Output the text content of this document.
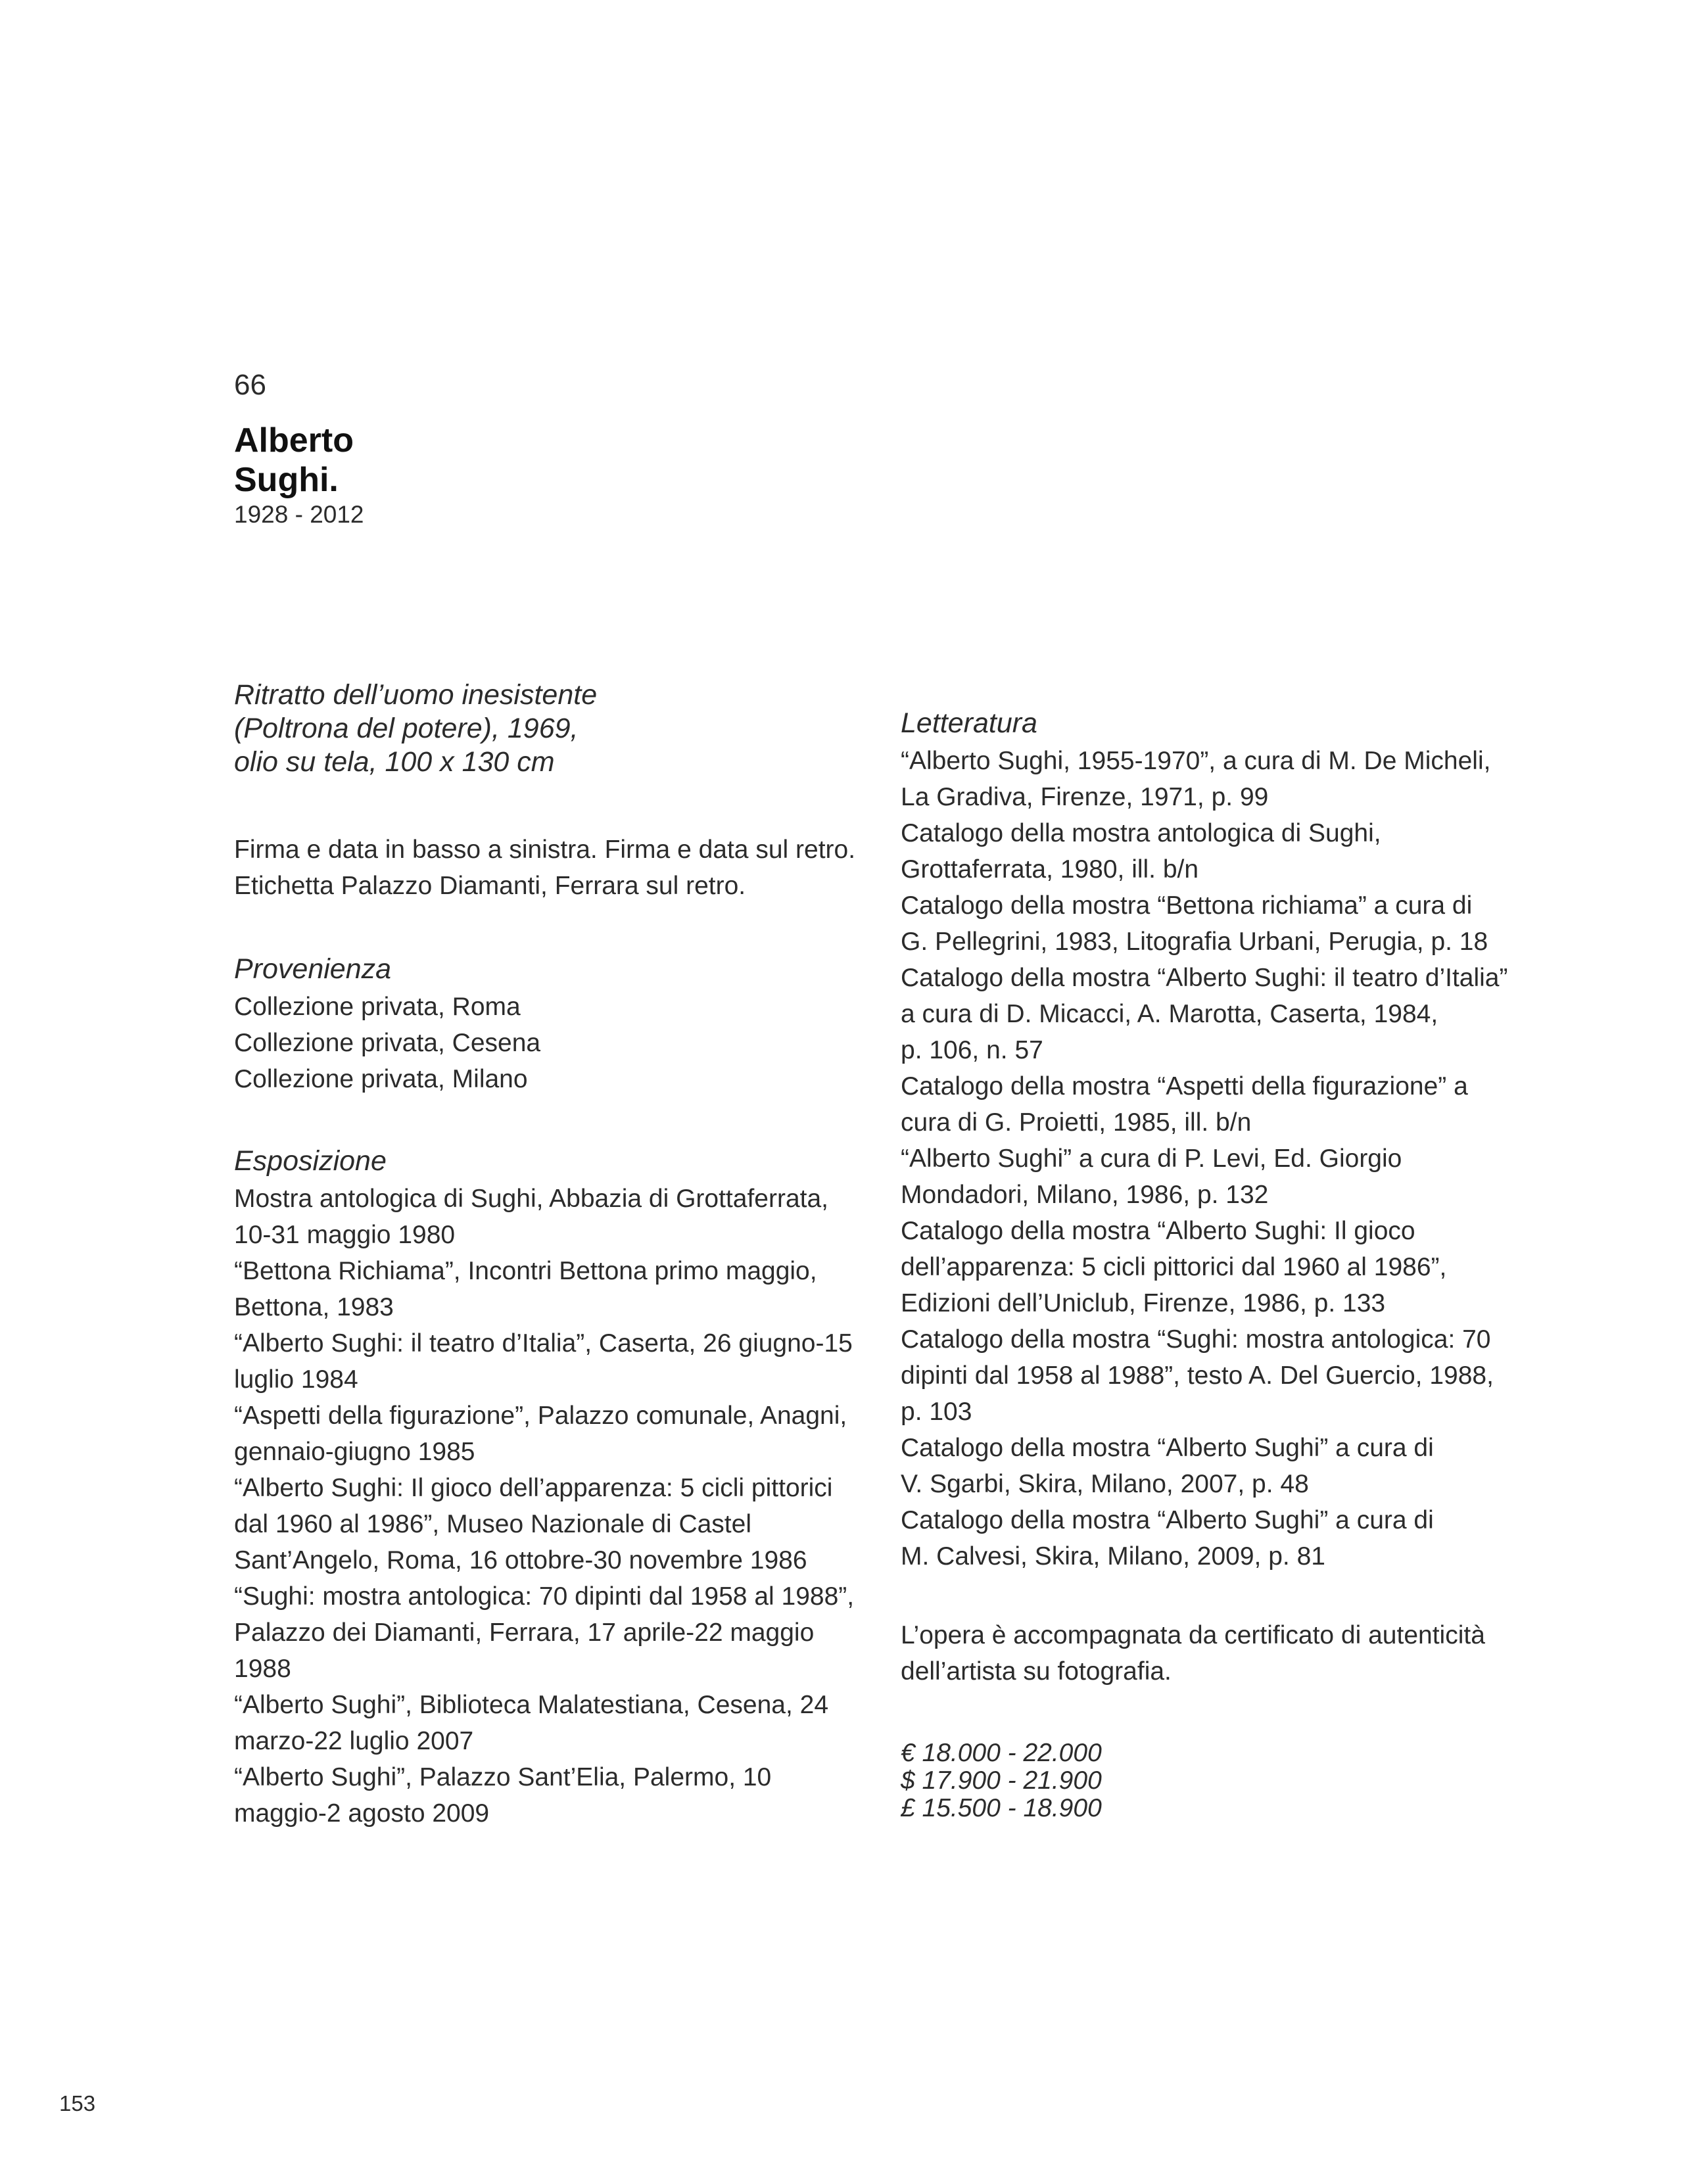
66

Alberto
Sughi.

1928 - 2012

Ritratto dell’uomo inesistente
(Poltrona del potere), 1969,
olio su tela, 100 x 130 cm
Firma e data in basso a sinistra. Firma e data sul retro.
Etichetta Palazzo Diamanti, Ferrara sul retro.
Provenienza
Collezione privata, Roma
Collezione privata, Cesena
Collezione privata, Milano
Esposizione
Mostra antologica di Sughi, Abbazia di Grottaferrata,
10-31 maggio 1980
“Bettona Richiama”, Incontri Bettona primo maggio,
Bettona, 1983
“Alberto Sughi: il teatro d’Italia”, Caserta, 26 giugno-15
luglio 1984
“Aspetti della figurazione”, Palazzo comunale, Anagni,
gennaio-giugno 1985
“Alberto Sughi: Il gioco dell’apparenza: 5 cicli pittorici
dal 1960 al 1986”, Museo Nazionale di Castel
Sant’Angelo, Roma, 16 ottobre-30 novembre 1986
“Sughi: mostra antologica: 70 dipinti dal 1958 al 1988”,
Palazzo dei Diamanti, Ferrara, 17 aprile-22 maggio
1988
“Alberto Sughi”, Biblioteca Malatestiana, Cesena, 24
marzo-22 luglio 2007
“Alberto Sughi”, Palazzo Sant’Elia, Palermo, 10
maggio-2 agosto 2009
Letteratura
“Alberto Sughi, 1955-1970”, a cura di M. De Micheli,
La Gradiva, Firenze, 1971, p. 99
Catalogo della mostra antologica di Sughi,
Grottaferrata, 1980, ill. b/n
Catalogo della mostra “Bettona richiama” a cura di
G. Pellegrini, 1983, Litografia Urbani, Perugia, p. 18
Catalogo della mostra “Alberto Sughi: il teatro d’Italia”
a cura di D. Micacci, A. Marotta, Caserta, 1984,
p. 106, n. 57
Catalogo della mostra “Aspetti della figurazione” a
cura di G. Proietti, 1985, ill. b/n
“Alberto Sughi” a cura di P. Levi, Ed. Giorgio
Mondadori, Milano, 1986, p. 132
Catalogo della mostra “Alberto Sughi: Il gioco
dell’apparenza: 5 cicli pittorici dal 1960 al 1986”,
Edizioni dell’Uniclub, Firenze, 1986, p. 133
Catalogo della mostra “Sughi: mostra antologica: 70
dipinti dal 1958 al 1988”, testo A. Del Guercio, 1988,
p. 103
Catalogo della mostra “Alberto Sughi” a cura di
V. Sgarbi, Skira, Milano, 2007, p. 48
Catalogo della mostra “Alberto Sughi” a cura di
M. Calvesi, Skira, Milano, 2009, p. 81
L’opera è accompagnata da certificato di autenticità
dell’artista su fotografia.
€ 18.000 - 22.000
$ 17.900 - 21.900
£ 15.500 - 18.900

153
